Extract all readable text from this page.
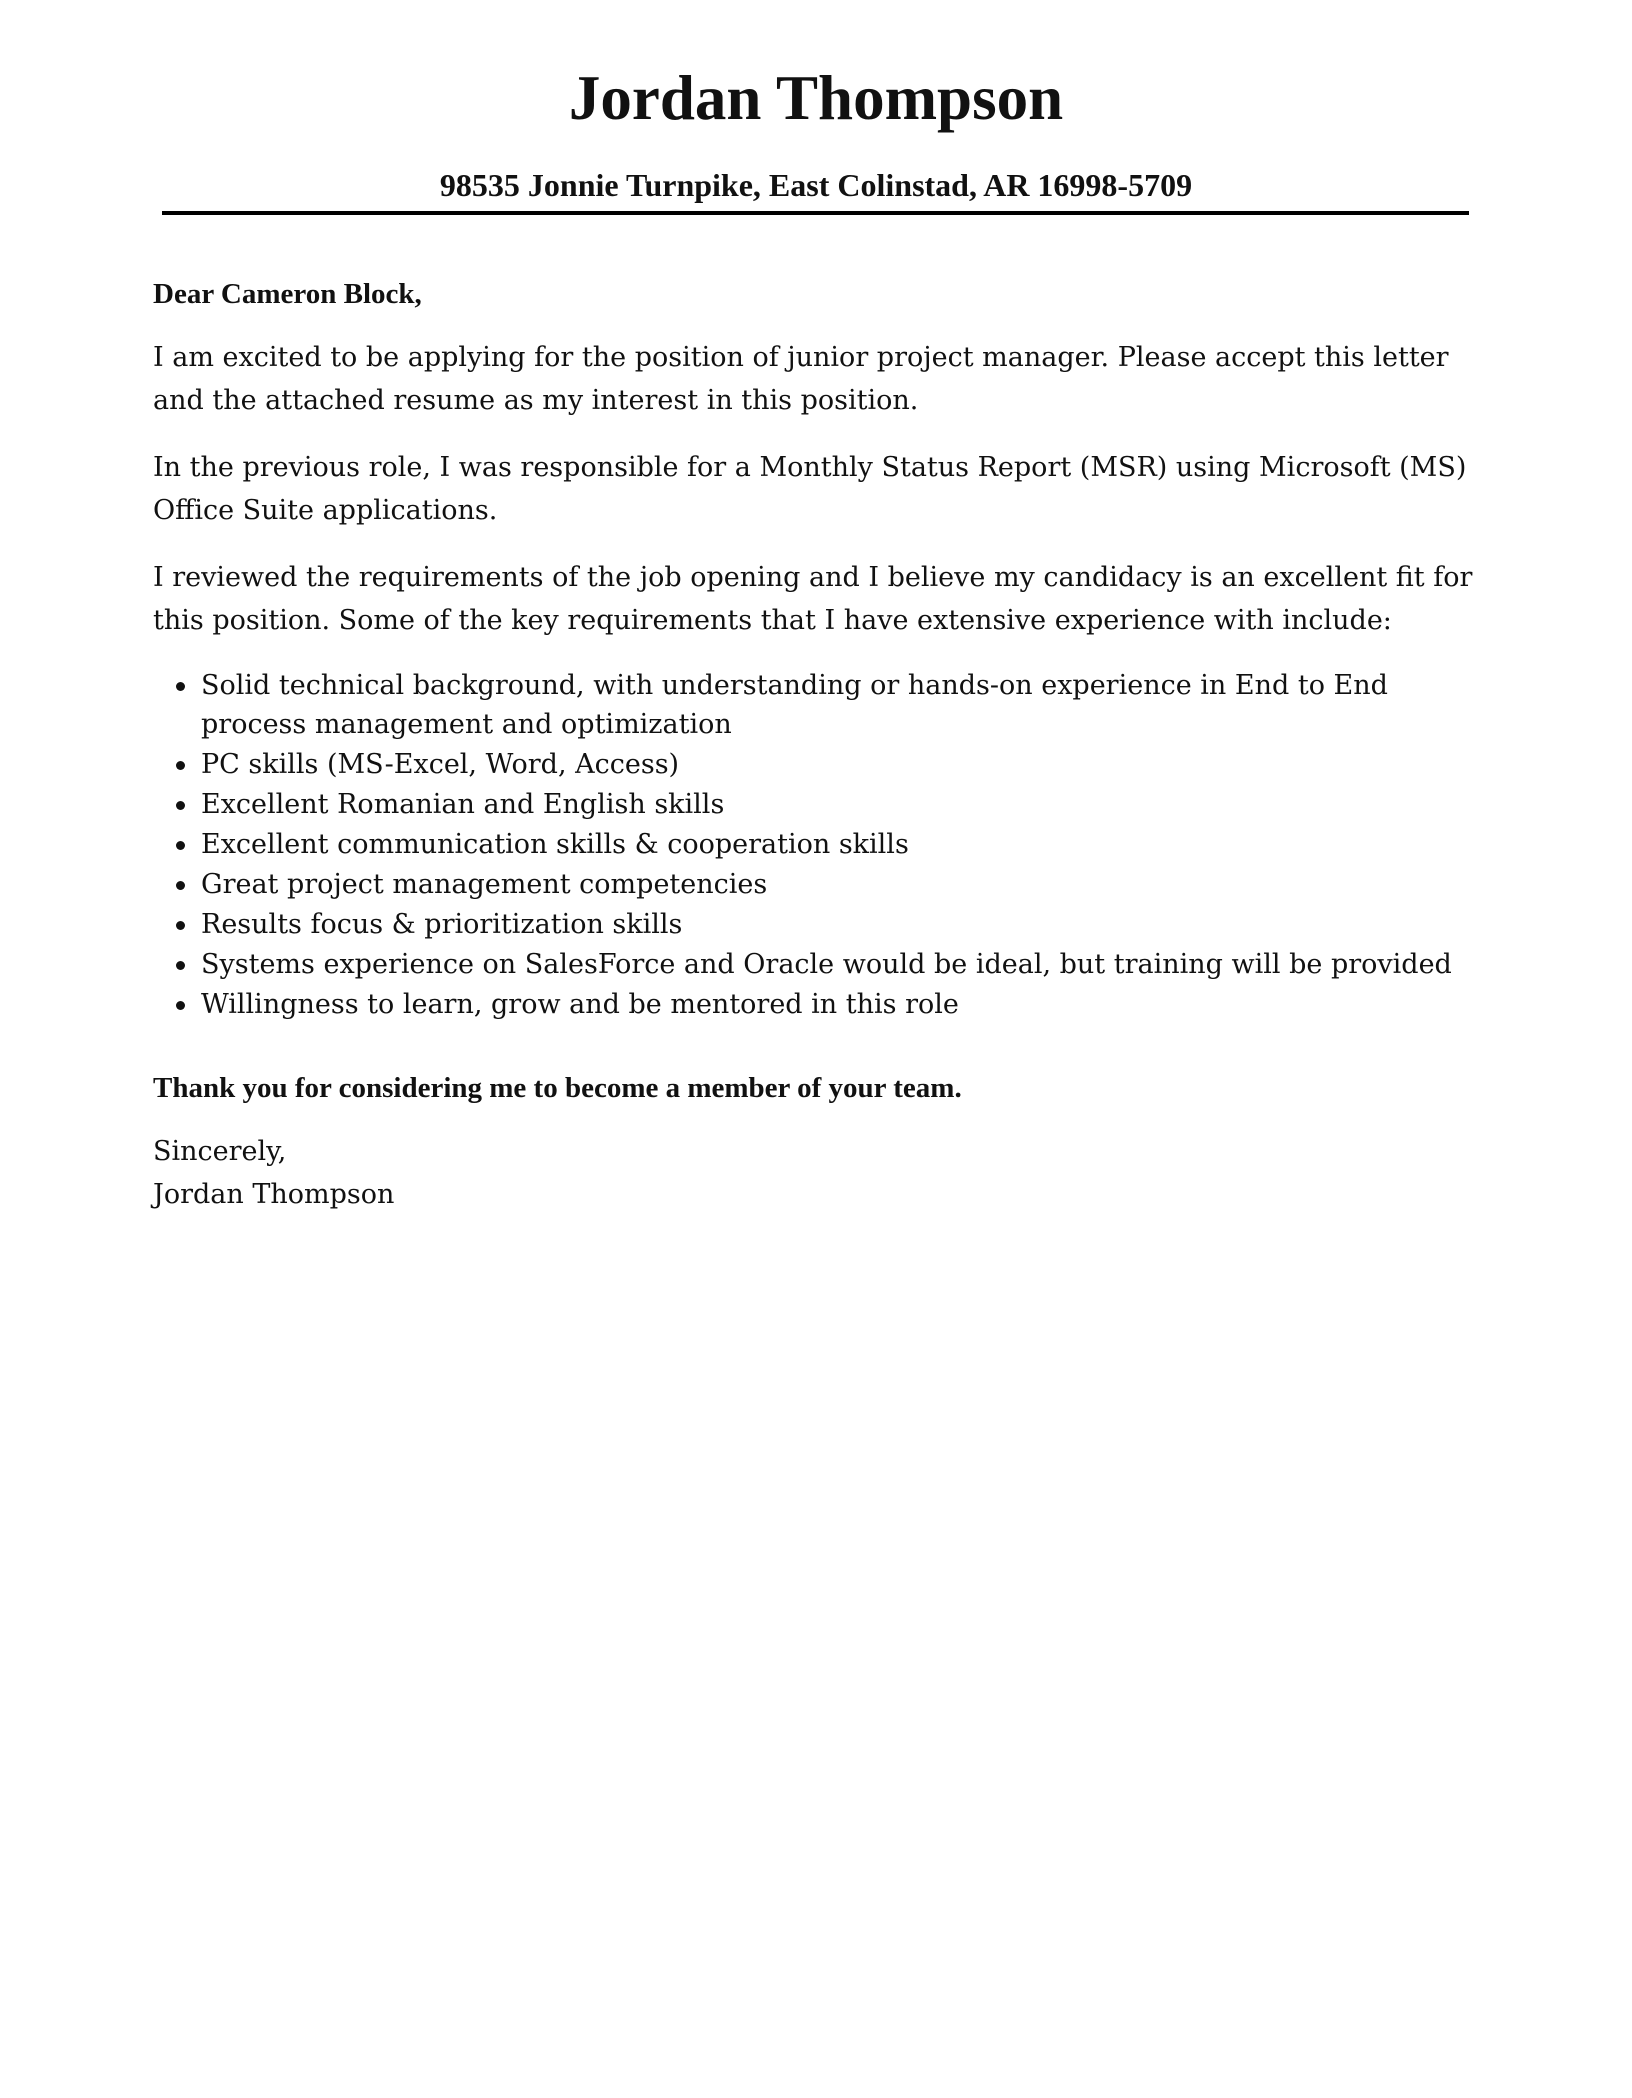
Jordan Thompson

98535 Jonnie Turnpike, East Colinstad, AR 16998-5709

Dear Cameron Block,

I am excited to be applying for the position of junior project manager. Please accept this letter and the attached resume as my interest in this position.

In the previous role, I was responsible for a Monthly Status Report (MSR) using Microsoft (MS) Office Suite applications.

I reviewed the requirements of the job opening and I believe my candidacy is an excellent fit for this position. Some of the key requirements that I have extensive experience with include:

Solid technical background, with understanding or hands-on experience in End to End process management and optimization
PC skills (MS-Excel, Word, Access)
Excellent Romanian and English skills
Excellent communication skills & cooperation skills
Great project management competencies
Results focus & prioritization skills
Systems experience on SalesForce and Oracle would be ideal, but training will be provided
Willingness to learn, grow and be mentored in this role

Thank you for considering me to become a member of your team.

Sincerely,

Jordan Thompson
